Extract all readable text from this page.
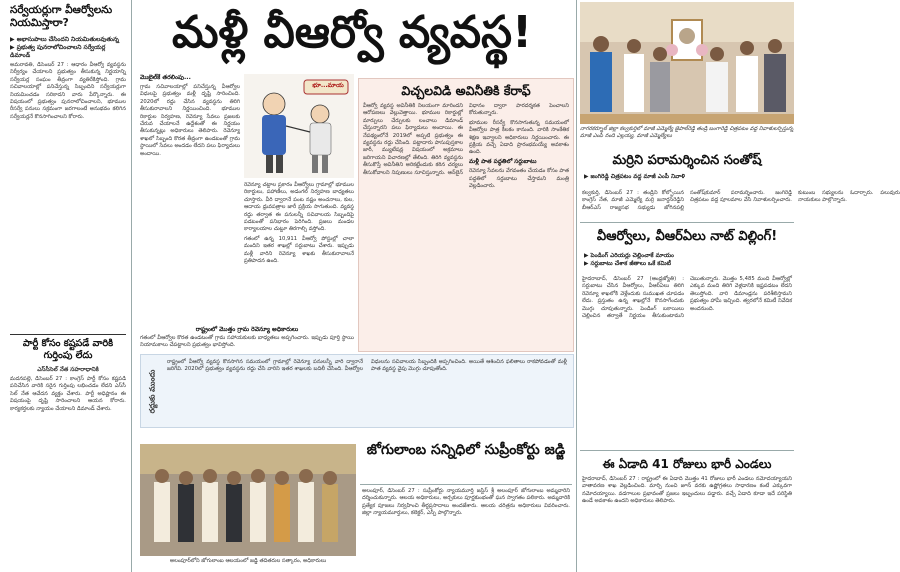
సర్వేయర్లుగా వీఆర్వోలను నియమిస్తారా?
▶ అభాసుపాలు చేసిందని నియమితులవుతున్న
▶ ప్రభుత్వ పునరాలోచించాలని సర్వేయర్ల డిమాండ్
అమరావతి, డిసెంబర్ 27 : ఆధారం వీఆర్వో వ్యవస్థను నిర్వీర్యం చేయాలని ప్రభుత్వం తీసుకున్న నిర్ణయాన్ని సర్వేయర్ల సంఘం తీవ్రంగా వ్యతిరేకిస్తోంది. గ్రామ సచివాలయాల్లో పనిచేస్తున్న సిబ్బందిని సర్వేయర్లుగా నియమించడం సరికాదని వారు పేర్కొన్నారు. ఈ విషయంలో ప్రభుత్వం పునరాలోచించాలని, భూముల రీసర్వే పనులు సక్రమంగా జరగాలంటే అనుభవం కలిగిన సర్వేయర్లనే కొనసాగించాలని కోరారు.
పార్టీ కోసం కష్టపడే వారికి గుర్తింపు లేదు
ఎస్‌సీసెల్ నేత సహరాధానికి
మదనపల్లె, డిసెంబర్ 27 : కాంగ్రెస్ పార్టీ కోసం కష్టపడి పనిచేసిన వారికి సరైన గుర్తింపు లభించడం లేదని ఎస్‌సీ సెల్ నేత ఆవేదన వ్యక్తం చేశారు. పార్టీ అధిష్టానం ఈ విషయంపై దృష్టి సారించాలని ఆయన కోరారు. కార్యకర్తలకు న్యాయం చేయాలని డిమాండ్ చేశారు.
మళ్లీ వీఆర్వో వ్యవస్థ!
మొబైల్‌కే తరలింపు...
గ్రామ సచివాలయాల్లో పనిచేస్తున్న వీఆర్వోల విధులపై ప్రభుత్వం మళ్లీ దృష్టి సారించింది. 2020లో రద్దు చేసిన వ్యవస్థను తిరిగి తీసుకురావాలని నిర్ణయించింది. భూముల రికార్డుల నిర్వహణ, రెవెన్యూ సేవలు ప్రజలకు చేరువ చేయాలనే ఉద్దేశంతో ఈ నిర్ణయం తీసుకున్నట్లు అధికారులు తెలిపారు. రెవెన్యూ శాఖలో సిబ్బంది కొరత తీవ్రంగా ఉండటంతో గ్రామ స్థాయిలో సేవలు అందడం లేదని పలు ఫిర్యాదులు అందాయి.
భూ...మాయ

రెవెన్యూ చట్టాల ప్రకారం వీఆర్వోలు గ్రామాల్లో భూముల రికార్డులు, పహాణీలు, అడంగల్ నిర్వహణ బాధ్యతలు చూస్తారు. వీరి ద్వారానే పంట నష్టం అంచనాలు, కుల, ఆదాయ ధ్రువపత్రాల జారీ ప్రక్రియ సాగుతుంది. వ్యవస్థ రద్దు తర్వాత ఈ పనులన్నీ సచివాలయ సిబ్బందిపై పడటంతో పనిభారం పెరిగింది. ప్రజలు మండల కార్యాలయాల చుట్టూ తిరగాల్సి వస్తోంది.

గతంలో ఉన్న 10,911 వీఆర్వో పోస్టుల్లో చాలా మందిని ఇతర శాఖల్లో సర్దుబాటు చేశారు. ఇప్పుడు మళ్లీ వారిని రెవెన్యూ శాఖకు తీసుకురావాలనే ప్రతిపాదన ఉంది.

రాష్ట్రంలో మొత్తం గ్రామ రెవెన్యూ అధికారులు
గతంలో వీఆర్వోల కొరత ఉండటంతో గ్రామ సహాయకులకు బాధ్యతలు అప్పగించారు. ఇప్పుడు పూర్తి స్థాయి నియామకాలు చేపట్టాలని ప్రభుత్వం భావిస్తోంది.
విచ్చలవిడి అవినీతికి కేరాఫ్

వీఆర్వో వ్యవస్థ అవినీతికి నిలయంగా మారిందని ఆరోపణలు వెల్లువెత్తాయి. భూముల రికార్డుల్లో మార్పులు చేర్పులకు లంచాలు డిమాండ్ చేస్తున్నారని పలు ఫిర్యాదులు అందాయి. ఈ నేపథ్యంలోనే 2019లో అప్పటి ప్రభుత్వం ఈ వ్యవస్థను రద్దు చేసింది. పట్టాదారు పాసుపుస్తకాల జారీ, మ్యుటేషన్ల విషయంలో అక్రమాలు జరిగాయని విచారణల్లో తేలింది. తిరిగి వ్యవస్థను తీసుకొస్తే అవినీతిని అరికట్టేందుకు కఠిన చర్యలు తీసుకోవాలని నిపుణులు సూచిస్తున్నారు. ఆన్‌లైన్ విధానం ద్వారా పారదర్శకత పెంచాలని కోరుతున్నారు.

భూముల రీసర్వే కొనసాగుతున్న సమయంలో వీఆర్వోల పాత్ర కీలకం కానుంది. వారికి సాంకేతిక శిక్షణ ఇవ్వాలని అధికారులు నిర్ణయించారు. ఈ ప్రక్రియ వచ్చే ఏడాది ప్రారంభమయ్యే అవకాశం ఉంది.

మళ్లీ పాత పద్ధతిలో సర్దుబాటు

రెవెన్యూ సేవలను వేగవంతం చేయడం కోసం పాత పద్ధతిలో సర్దుబాటు చేస్తామని మంత్రి వెల్లడించారు.

రద్దుకు ముందు
రాష్ట్రంలో వీఆర్వో వ్యవస్థ కొనసాగిన సమయంలో గ్రామాల్లో రెవెన్యూ పనులన్నీ వారి ద్వారానే జరిగేవి. 2020లో ప్రభుత్వం వ్యవస్థను రద్దు చేసి వారిని ఇతర శాఖలకు బదిలీ చేసింది. వీఆర్వోల విధులను సచివాలయ సిబ్బందికి అప్పగించింది. అయితే ఆశించిన ఫలితాలు రాకపోవడంతో మళ్లీ పాత వ్యవస్థ వైపు మొగ్గు చూపుతోంది.
అలంపూర్‌లోని జోగులాంబ ఆలయంలో జడ్జి తదితరుల సత్కారం, అధికారులు
జోగులాంబ సన్నిధిలో సుప్రీంకోర్టు జడ్జి
అలంపూర్, డిసెంబర్ 27 : సుప్రీంకోర్టు న్యాయమూర్తి జస్టిస్ శ్రీ అలంపూర్ జోగులాంబ అమ్మవారిని దర్శించుకున్నారు. ఆలయ అధికారులు, అర్చకులు పూర్ణకుంభంతో ఘన స్వాగతం పలికారు. అమ్మవారికి ప్రత్యేక పూజలు నిర్వహించి తీర్థప్రసాదాలు అందజేశారు. ఆలయ చరిత్రను అధికారులు వివరించారు. జిల్లా న్యాయమూర్తులు, కలెక్టర్, ఎస్పీ పాల్గొన్నారు.
నాగరకర్నూల్ జిల్లా కల్వకుర్తిలో మాజీ ఎమ్మెల్యే జైపాల్‌రెడ్డి తండ్రి బంగారెడ్డి చిత్రపటం వద్ద నివాళులర్పిస్తున్న మాజీ ఎంపీ నంది ఎల్లయ్య, మాజీ ఎమ్మెల్యేలు
మర్రిని పరామర్శించిన సంతోష్
▶ జంగిరెడ్డి చిత్రపటం వద్ద మాజీ ఎంపీ నివాళి
కల్వకుర్తి, డిసెంబర్ 27 : తండ్రిని కోల్పోయిన కాంగ్రెస్ నేత, మాజీ ఎమ్మెల్యే మర్రి జనార్దన్‌రెడ్డిని బీఆర్ఎస్ రాజ్యసభ సభ్యుడు జోగినపల్లి సంతోష్‌కుమార్ పరామర్శించారు. జంగిరెడ్డి చిత్రపటం వద్ద పూలమాల వేసి నివాళులర్పించారు. కుటుంబ సభ్యులను ఓదార్చారు. పలువురు నాయకులు పాల్గొన్నారు.
వీఆర్వోలు, వీఆర్ఏలు నాట్ విల్లింగ్!
▶ పెండింగ్ ఎరియర్లు చెల్లించాకే మాయం
▶ సర్దుబాటు చేశాక జీతాలు ఒకే కమిటీ
హైదరాబాద్, డిసెంబర్ 27 (ఆంధ్రజ్యోతి) : సర్దుబాటు చేసిన వీఆర్వోలు, వీఆర్ఏలు తిరిగి రెవెన్యూ శాఖలోకి వెళ్లేందుకు సుముఖత చూపడం లేదు. ప్రస్తుతం ఉన్న శాఖల్లోనే కొనసాగేందుకు మొగ్గు చూపుతున్నారు. పెండింగ్ బకాయిలు చెల్లించిన తర్వాతే నిర్ణయం తీసుకుంటామని చెబుతున్నారు. మొత్తం 5,485 మంది వీఆర్వోల్లో ఎక్కువ మంది తిరిగి వెళ్లడానికి ఇష్టపడటం లేదని తెలుస్తోంది. వారి డిమాండ్లను పరిశీలిస్తామని ప్రభుత్వం హామీ ఇచ్చింది. త్వరలోనే కమిటీ నివేదిక అందనుంది.
ఈ ఏడాది 41 రోజులు భారీ ఎండలు
హైదరాబాద్, డిసెంబర్ 27 : రాష్ట్రంలో ఈ ఏడాది మొత్తం 41 రోజులు భారీ ఎండలు నమోదయ్యాయని వాతావరణ శాఖ వెల్లడించింది. మార్చి నుంచి జూన్ వరకు ఉష్ణోగ్రతలు సాధారణం కంటే ఎక్కువగా నమోదయ్యాయి. వడగాలుల ప్రభావంతో ప్రజలు ఇబ్బందులు పడ్డారు. వచ్చే ఏడాది కూడా ఇదే పరిస్థితి ఉండే అవకాశం ఉందని అధికారులు తెలిపారు.
